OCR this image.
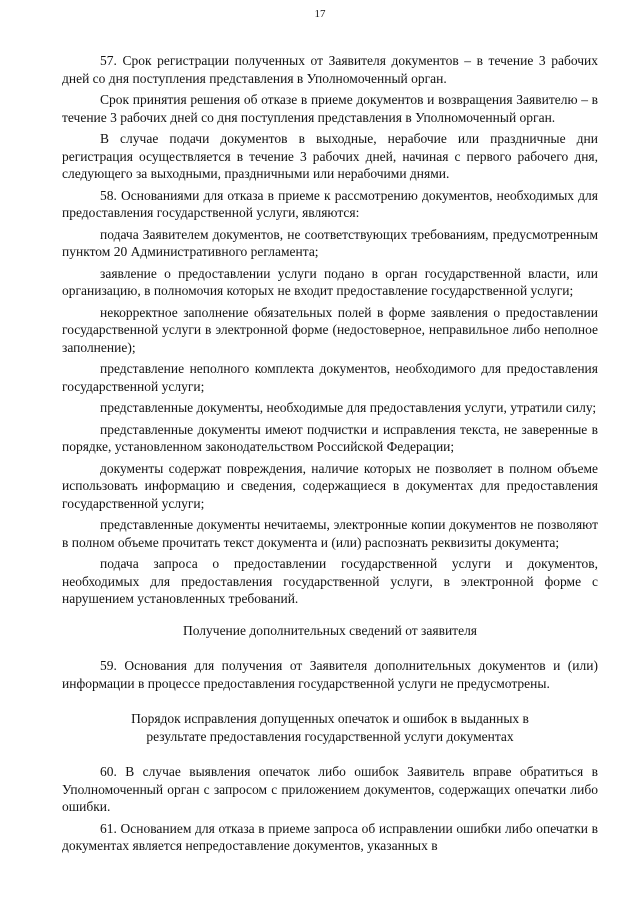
17

57. Срок регистрации полученных от Заявителя документов – в течение 3 рабочих дней со дня поступления представления в Уполномоченный орган.

Срок принятия решения об отказе в приеме документов и возвращения Заявителю – в течение 3 рабочих дней со дня поступления представления в Уполномоченный орган.

В случае подачи документов в выходные, нерабочие или праздничные дни регистрация осуществляется в течение 3 рабочих дней, начиная с первого рабочего дня, следующего за выходными, праздничными или нерабочими днями.

58. Основаниями для отказа в приеме к рассмотрению документов, необходимых для предоставления государственной услуги, являются:

подача Заявителем документов, не соответствующих требованиям, предусмотренным пунктом 20 Административного регламента;

заявление о предоставлении услуги подано в орган государственной власти, или организацию, в полномочия которых не входит предоставление государственной услуги;

некорректное заполнение обязательных полей в форме заявления о предоставлении государственной услуги в электронной форме (недостоверное, неправильное либо неполное заполнение);

представление неполного комплекта документов, необходимого для предоставления государственной услуги;

представленные документы, необходимые для предоставления услуги, утратили силу;

представленные документы имеют подчистки и исправления текста, не заверенные в порядке, установленном законодательством Российской Федерации;

документы содержат повреждения, наличие которых не позволяет в полном объеме использовать информацию и сведения, содержащиеся в документах для предоставления государственной услуги;

представленные документы нечитаемы, электронные копии документов не позволяют в полном объеме прочитать текст документа и (или) распознать реквизиты документа;

подача запроса о предоставлении государственной услуги и документов, необходимых для предоставления государственной услуги, в электронной форме с нарушением установленных требований.

Получение дополнительных сведений от заявителя

59. Основания для получения от Заявителя дополнительных документов и (или) информации в процессе предоставления государственной услуги не предусмотрены.

Порядок исправления допущенных опечаток и ошибок в выданных в
результате предоставления государственной услуги документах

60. В случае выявления опечаток либо ошибок Заявитель вправе обратиться в Уполномоченный орган с запросом с приложением документов, содержащих опечатки либо ошибки.

61. Основанием для отказа в приеме запроса об исправлении ошибки либо опечатки в документах является непредоставление документов, указанных в
